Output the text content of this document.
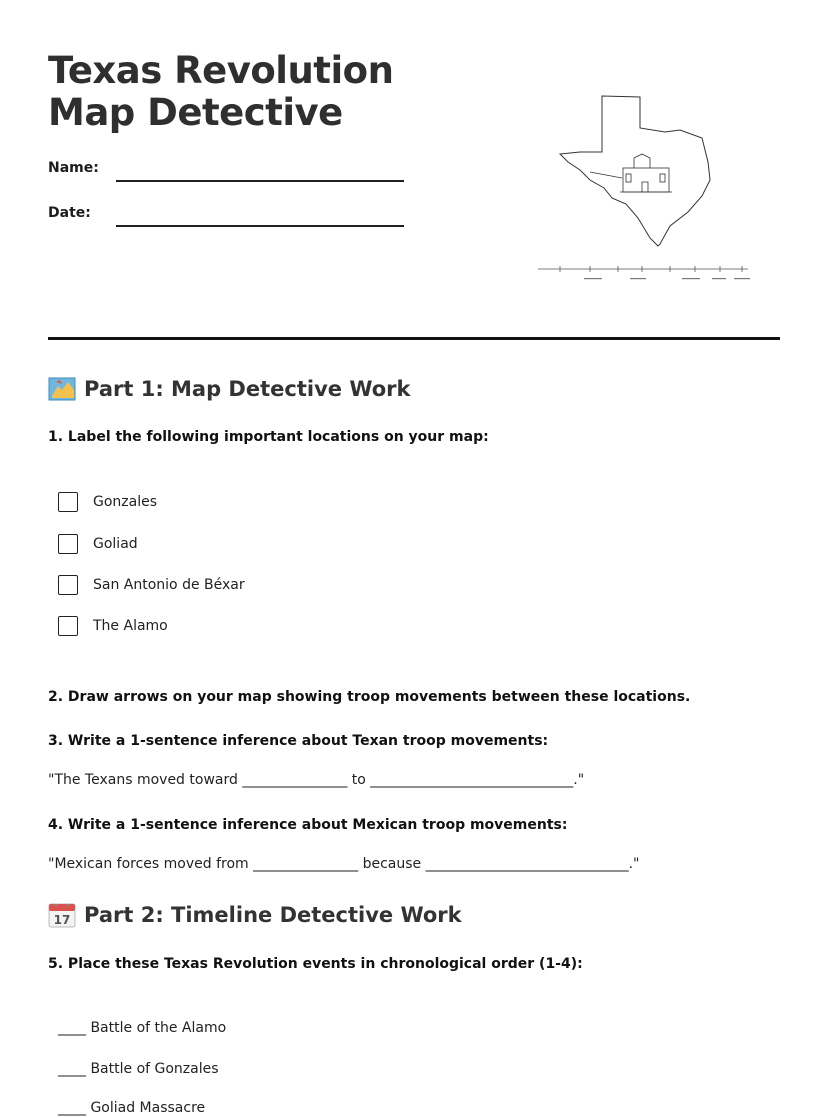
Texas Revolution Map Detective
Name:
Date:
Part 1: Map Detective Work
1. Label the following important locations on your map:
Gonzales
Goliad
San Antonio de Béxar
The Alamo
2. Draw arrows on your map showing troop movements between these locations.
3. Write a 1-sentence inference about Texan troop movements:
"The Texans moved toward _______________ to _____________________________."
4. Write a 1-sentence inference about Mexican troop movements:
"Mexican forces moved from _______________ because _____________________________."
17 Part 2: Timeline Detective Work
5. Place these Texas Revolution events in chronological order (1-4):
____ Battle of the Alamo
____ Battle of Gonzales
____ Goliad Massacre
